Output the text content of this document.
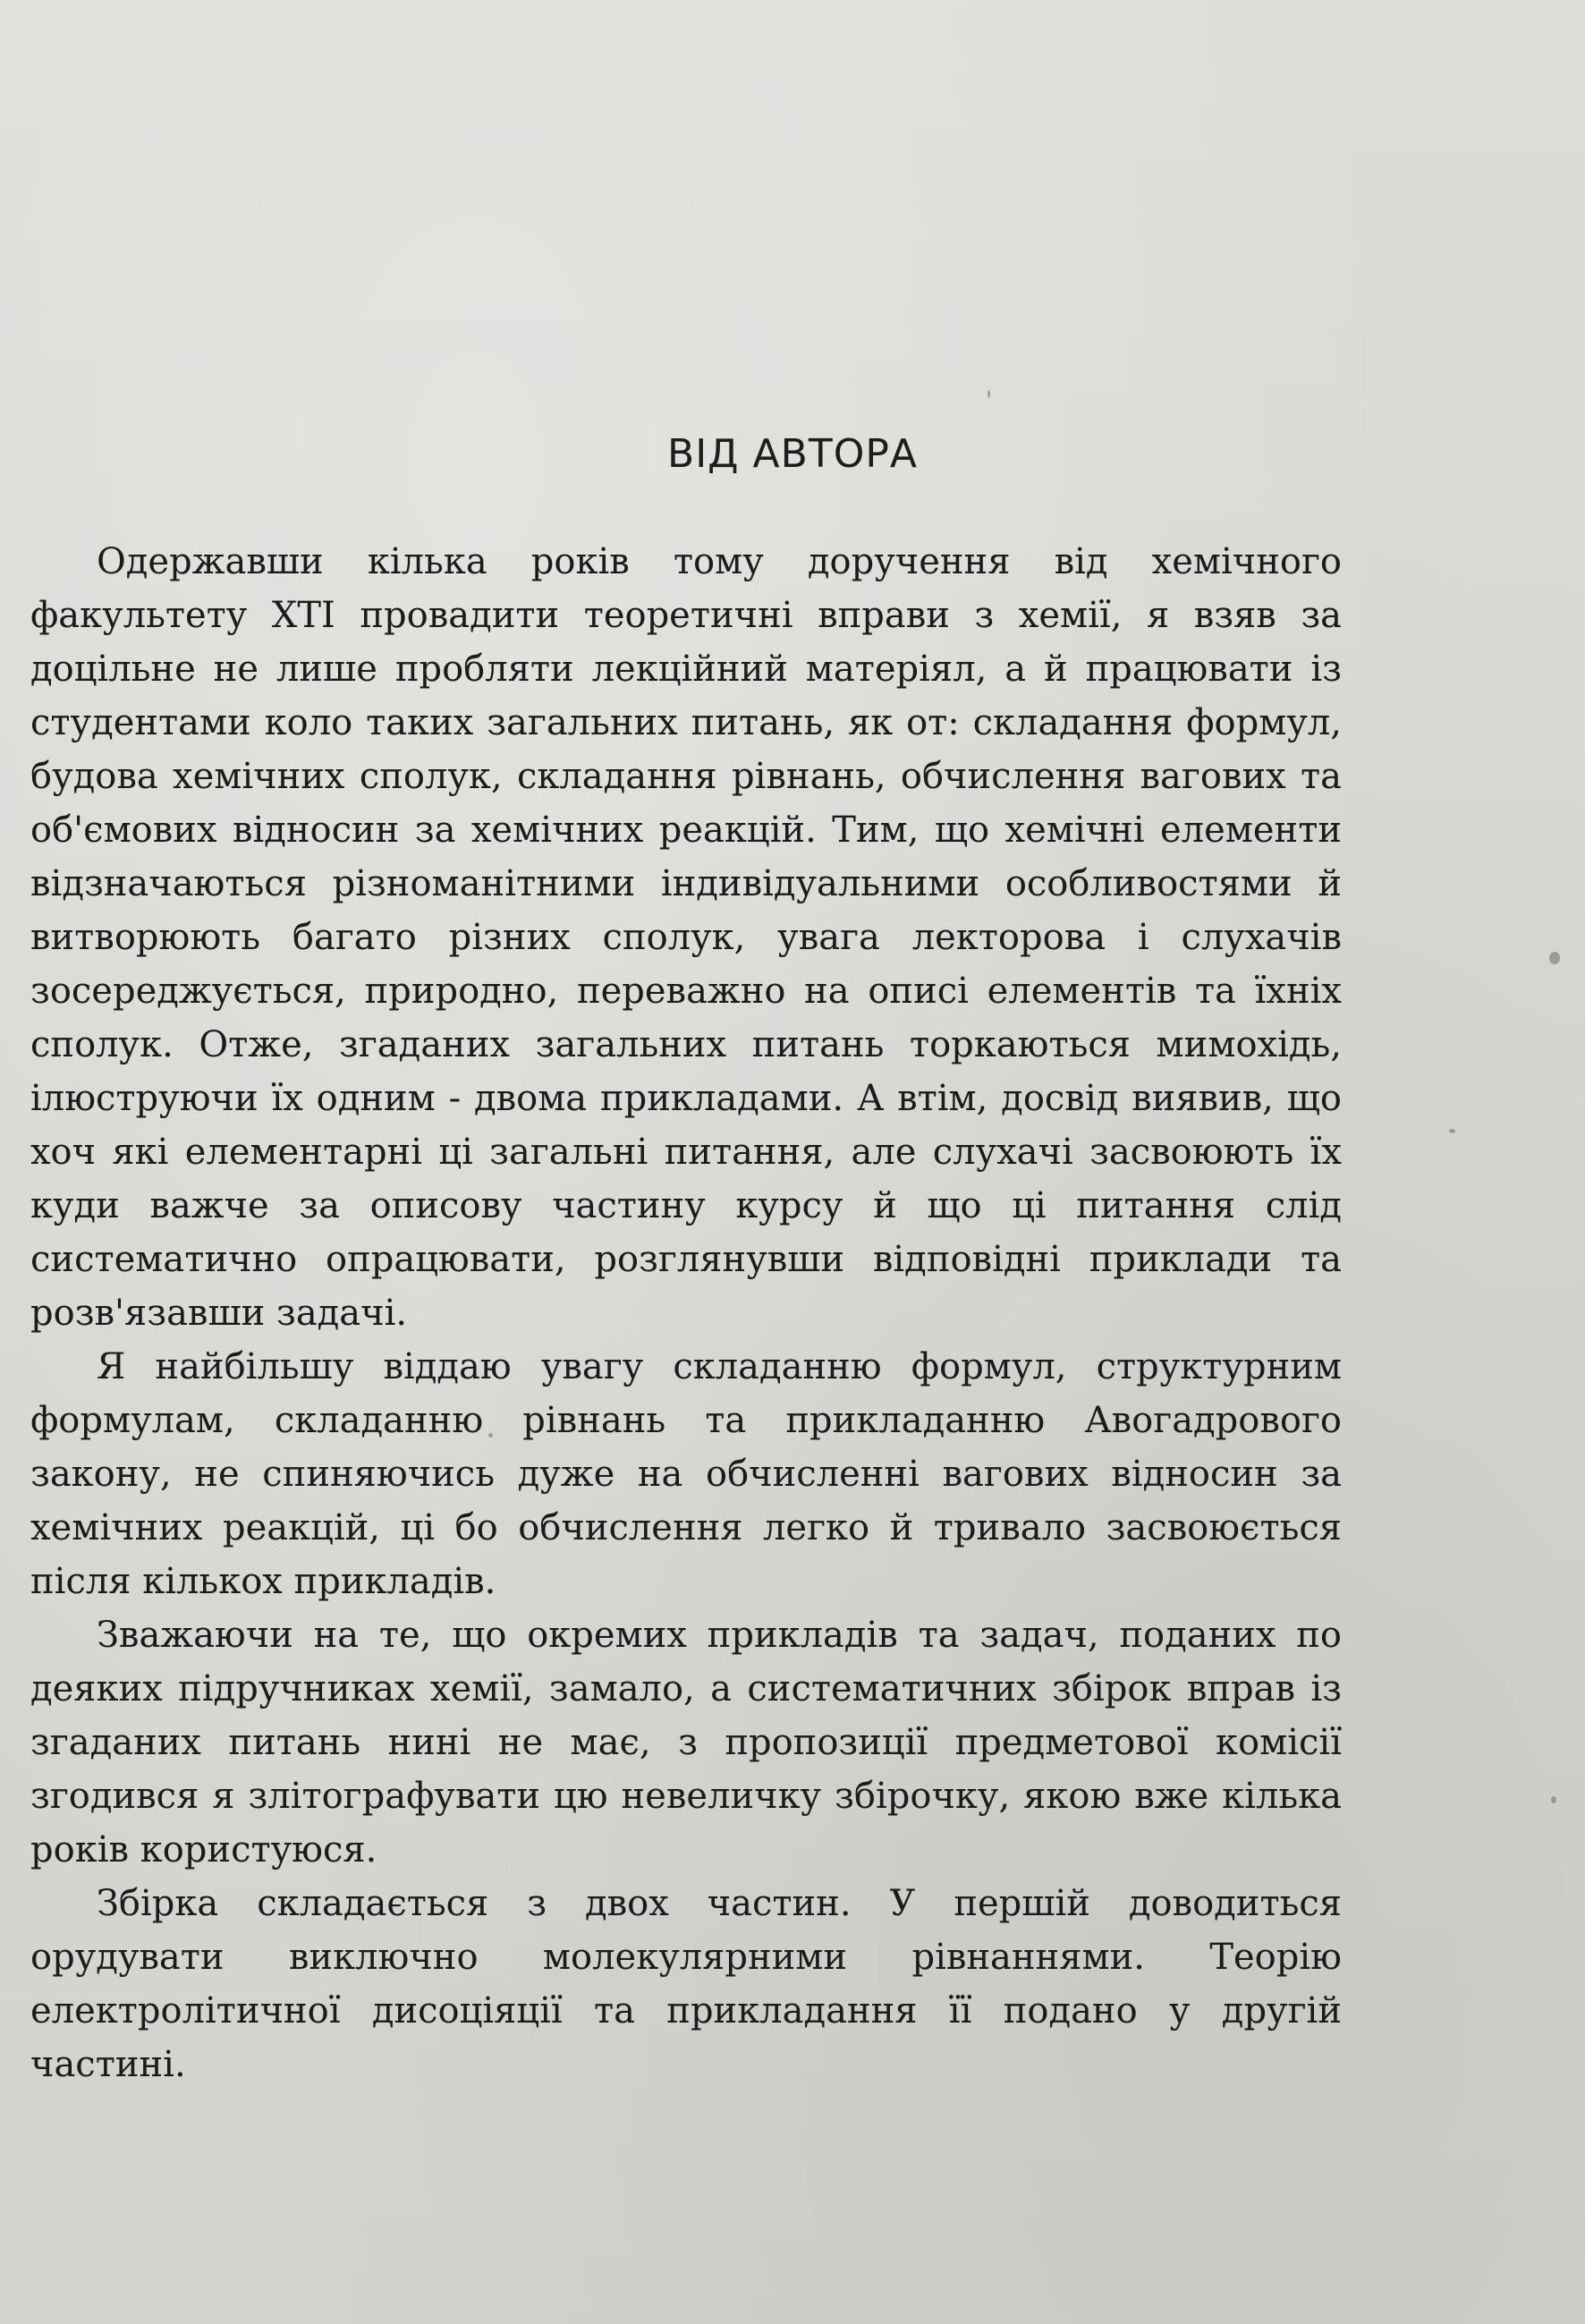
ВІД АВТОРА

Одержавши кілька років тому доручення від хемічного факультету ХТІ провадити теоретичні вправи з хемії, я взяв за доцільне не лише пробляти лекційний матеріял, а й працювати із студентами коло таких загальних питань, як от: складання формул, будова хемічних сполук, складання рівнань, обчислення вагових та об'ємових відносин за хемічних реакцій. Тим, що хемічні елементи відзначаються різноманітними індивідуальними особливостями й витворюють багато різних сполук, увага лекторова і слухачів зосереджується, природно, переважно на описі елементів та їхніх сполук. Отже, згаданих загальних питань торкаються мимохідь, ілюструючи їх одним - двома прикладами. А втім, досвід виявив, що хоч які елементарні ці загальні питання, але слухачі засвоюють їх куди важче за описову частину курсу й що ці питання слід систематично опрацювати, розглянувши відповідні приклади та розв'язавши задачі.

Я найбільшу віддаю увагу складанню формул, структурним формулам, складанню рівнань та прикладанню Авогадрового закону, не спиняючись дуже на обчисленні вагових відносин за хемічних реакцій, ці бо обчислення легко й тривало засвоюється після кількох прикладів.

Зважаючи на те, що окремих прикладів та задач, поданих по деяких підручниках хемії, замало, а систематичних збірок вправ із згаданих питань нині не має, з пропозиції предметової комісії згодився я злітографувати цю невеличку збірочку, якою вже кілька років користуюся.

Збірка складається з двох частин. У першій доводиться орудувати виключно молекулярними рівнаннями. Теорію електролітичної дисоціяції та прикладання її подано у другій частині.
